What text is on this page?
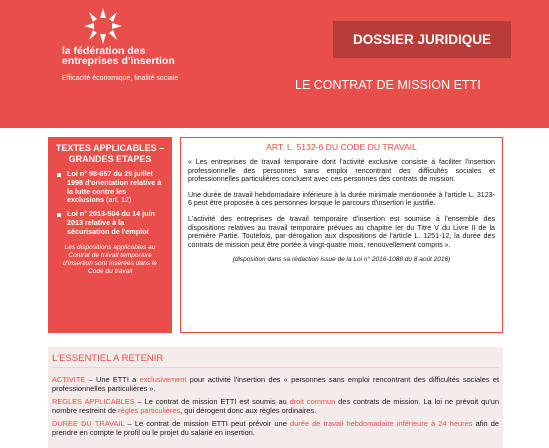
la fédération des entreprises d'insertion
Efficacité économique, finalité sociale
DOSSIER JURIDIQUE
LE CONTRAT DE MISSION ETTI
TEXTES APPLICABLES – GRANDES ETAPES
Loi n° 98-657 du 29 juillet 1998 d'orientation relative à la lutte contre les exclusions (art. 12)
Loi n° 2013-504 du 14 juin 2013 relative à la sécurisation de l'emploi
Les dispositions applicables au Contrat de travail temporaire d'insertion sont insérées dans le Code du travail
ART. L. 5132-6 DU CODE DU TRAVAIL

« Les entreprises de travail temporaire dont l'activité exclusive consiste à faciliter l'insertion professionnelle des personnes sans emploi rencontrant des difficultés sociales et professionnelles particulières concluent avec ces personnes des contrats de mission.

Une durée de travail hebdomadaire inférieure à la durée minimale mentionnée à l'article L. 3123-6 peut être proposée à ces personnes lorsque le parcours d'insertion le justifie.

L'activité des entreprises de travail temporaire d'insertion est soumise à l'ensemble des dispositions relatives au travail temporaire prévues au chapitre Ier du Titre V du Livre II de la première Partie. Toutefois, par dérogation aux dispositions de l'article L. 1251-12, la durée des contrats de mission peut être portée à vingt-quatre mois, renouvellement compris ».

(disposition dans sa rédaction issue de la Loi n° 2016-1088 du 8 août 2016)
L'ESSENTIEL A RETENIR

ACTIVITE – Une ETTI a exclusivement pour activité l'insertion des « personnes sans emploi rencontrant des difficultés sociales et professionnelles particulières ».

REGLES APPLICABLES – Le contrat de mission ETTI est soumis au droit commun des contrats de mission. La loi ne prévoit qu'un nombre restreint de règles particulières, qui dérogent donc aux règles ordinaires.

DUREE DU TRAVAIL – Le contrat de mission ETTI peut prévoir une durée de travail hebdomadaire inférieure à 24 heures afin de prendre en compte le profil ou le projet du salarié en insertion.
